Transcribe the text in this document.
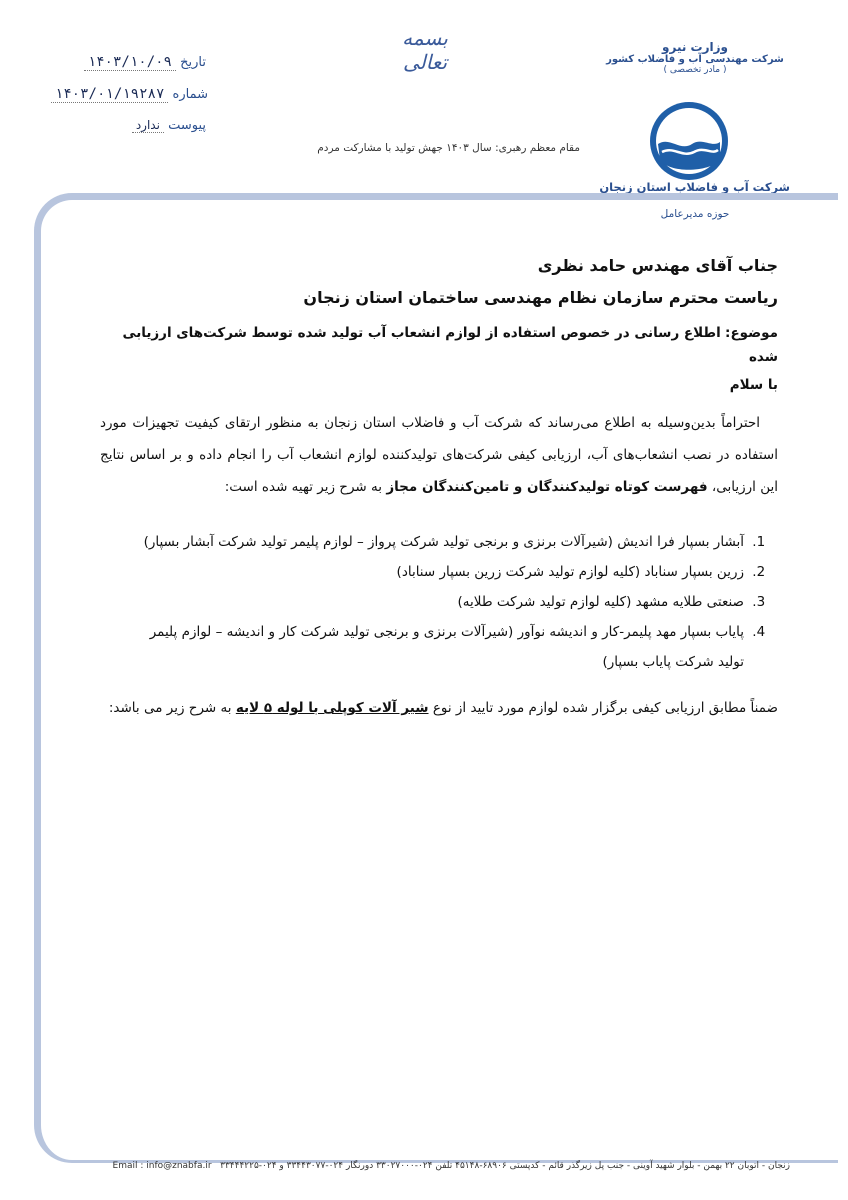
بسمه تعالی
تاریخ ۱۴۰۳/۱۰/۰۹
شماره ۱۴۰۳/۰۱/۱۹۲۸۷
پیوست ندارد
مقام معظم رهبری: سال ۱۴۰۳ جهش تولید با مشارکت مردم
وزارت نیرو
شرکت مهندسی آب و فاضلاب کشور
( مادر تخصصی )
شرکت آب و فاضلاب استان زنجان
حوزه مدیرعامل
جناب آقای مهندس حامد نظری
ریاست محترم سازمان نظام مهندسی ساختمان استان زنجان

موضوع: اطلاع رسانی در خصوص استفاده از لوازم انشعاب آب تولید شده توسط شرکت‌های ارزیابی شده

با سلام

احتراماً بدین‌وسیله به اطلاع می‌رساند که شرکت آب و فاضلاب استان زنجان به منظور ارتقای کیفیت تجهیزات مورد استفاده در نصب انشعاب‌های آب، ارزیابی کیفی شرکت‌های تولیدکننده لوازم انشعاب آب را انجام داده و بر اساس نتایج این ارزیابی، فهرست کوتاه تولیدکنندگان و تامین‌کنندگان مجاز به شرح زیر تهیه شده است:

1. آبشار بسپار فرا اندیش (شیرآلات برنزی و برنجی تولید شرکت پرواز – لوازم پلیمر تولید شرکت آبشار بسپار)
2. زرین بسپار سناباد (کلیه لوازم تولید شرکت زرین بسپار سناباد)
3. صنعتی طلایه مشهد (کلیه لوازم تولید شرکت طلایه)
4. پایاب بسپار مهد پلیمر-کار و اندیشه نوآور (شیرآلات برنزی و برنجی تولید شرکت کار و اندیشه – لوازم پلیمر تولید شرکت پایاب بسپار)

ضمناً مطابق ارزیابی کیفی برگزار شده لوازم مورد تایید از نوع شیر آلات کوپلی با لوله ۵ لایه به شرح زیر می باشد:

زنجان - اتوبان ۲۲ بهمن - بلوار شهید آوینی - جنب پل زیرگذر قائم - کدپستی ۶۸۹۰۶-۴۵۱۴۸ تلفن ۰۲۴-۳۳۰۲۷۰۰۰ دورنگار ۰۲۴-۳۳۴۴۳۰۷۷ و ۰۲۴-۳۳۴۴۴۲۲۵   Email : info@znabfa.ir
